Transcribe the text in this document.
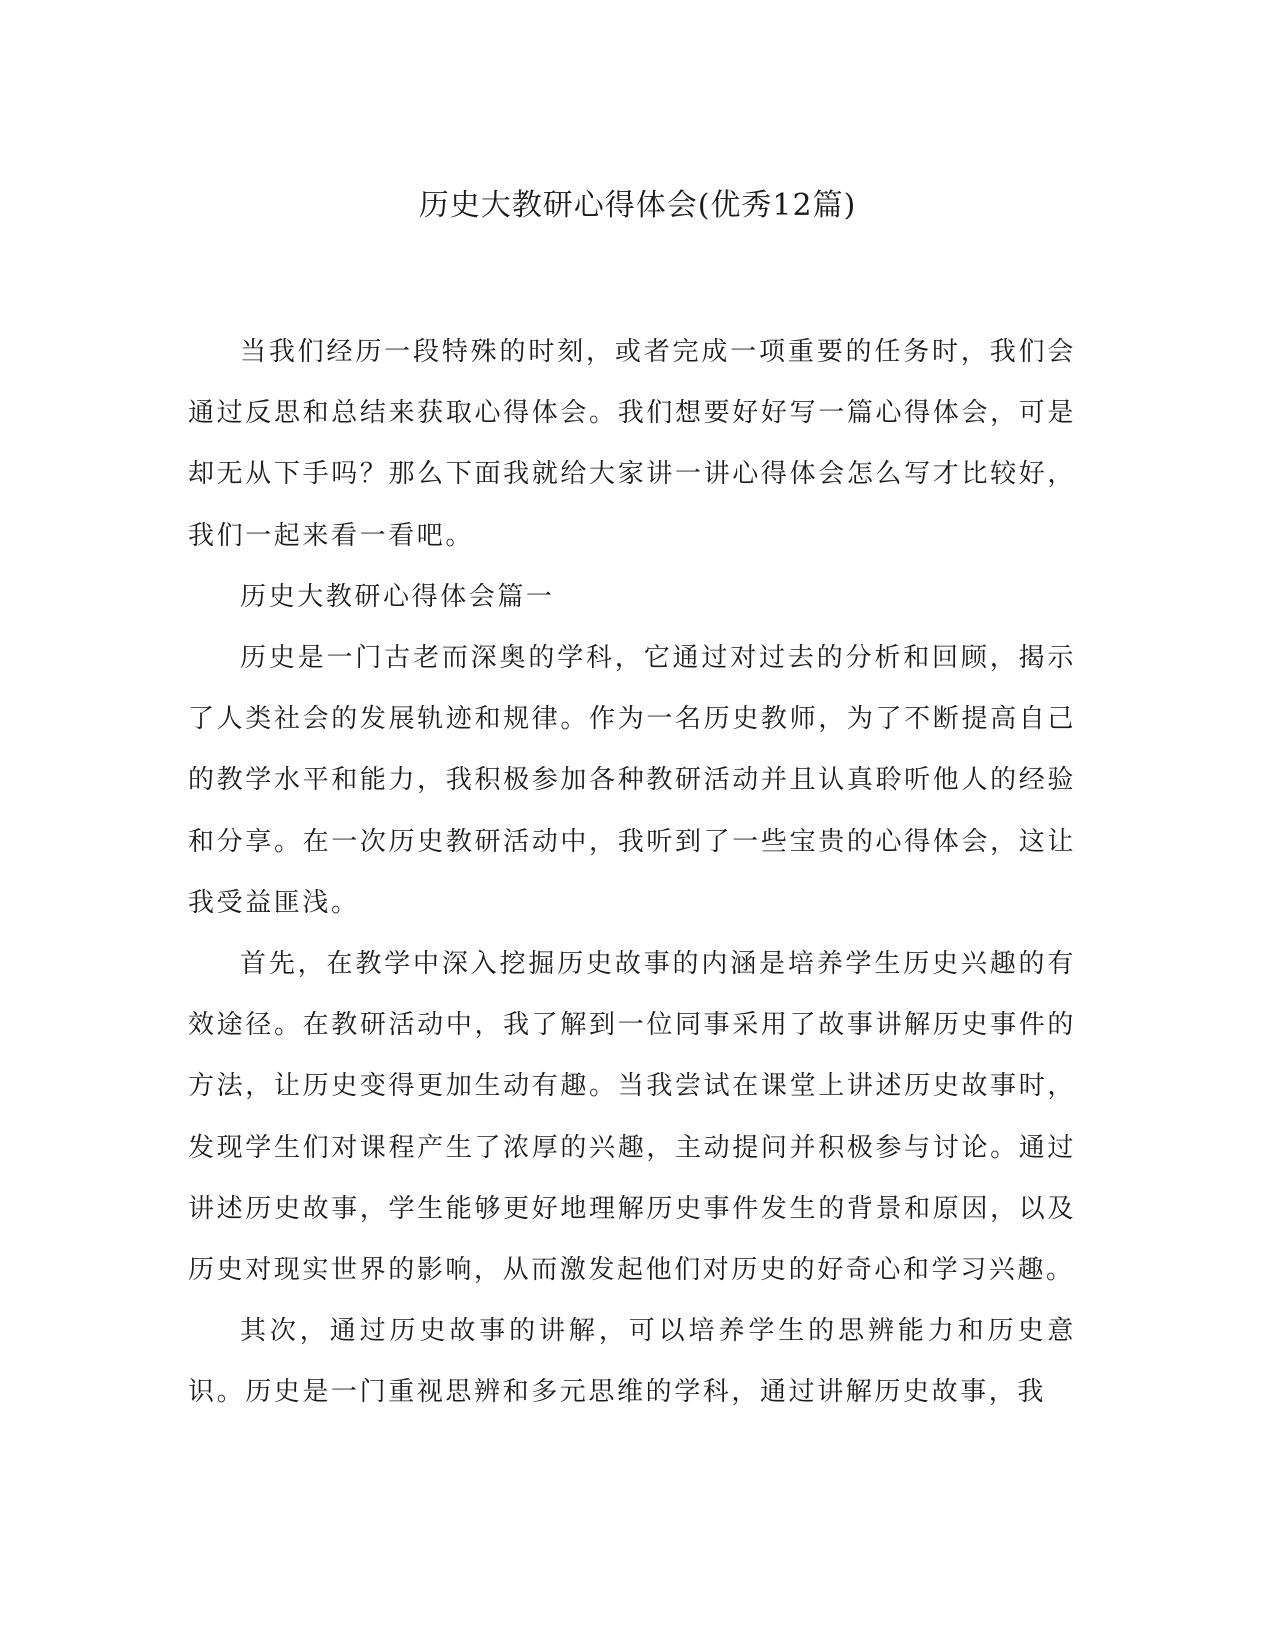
历史大教研心得体会(优秀12篇)

当我们经历一段特殊的时刻，或者完成一项重要的任务时，我们会通过反思和总结来获取心得体会。我们想要好好写一篇心得体会，可是却无从下手吗？那么下面我就给大家讲一讲心得体会怎么写才比较好，我们一起来看一看吧。

历史大教研心得体会篇一

历史是一门古老而深奥的学科，它通过对过去的分析和回顾，揭示了人类社会的发展轨迹和规律。作为一名历史教师，为了不断提高自己的教学水平和能力，我积极参加各种教研活动并且认真聆听他人的经验和分享。在一次历史教研活动中，我听到了一些宝贵的心得体会，这让我受益匪浅。

首先，在教学中深入挖掘历史故事的内涵是培养学生历史兴趣的有效途径。在教研活动中，我了解到一位同事采用了故事讲解历史事件的方法，让历史变得更加生动有趣。当我尝试在课堂上讲述历史故事时，发现学生们对课程产生了浓厚的兴趣，主动提问并积极参与讨论。通过讲述历史故事，学生能够更好地理解历史事件发生的背景和原因，以及历史对现实世界的影响，从而激发起他们对历史的好奇心和学习兴趣。

其次，通过历史故事的讲解，可以培养学生的思辨能力和历史意识。历史是一门重视思辨和多元思维的学科，通过讲解历史故事，我
